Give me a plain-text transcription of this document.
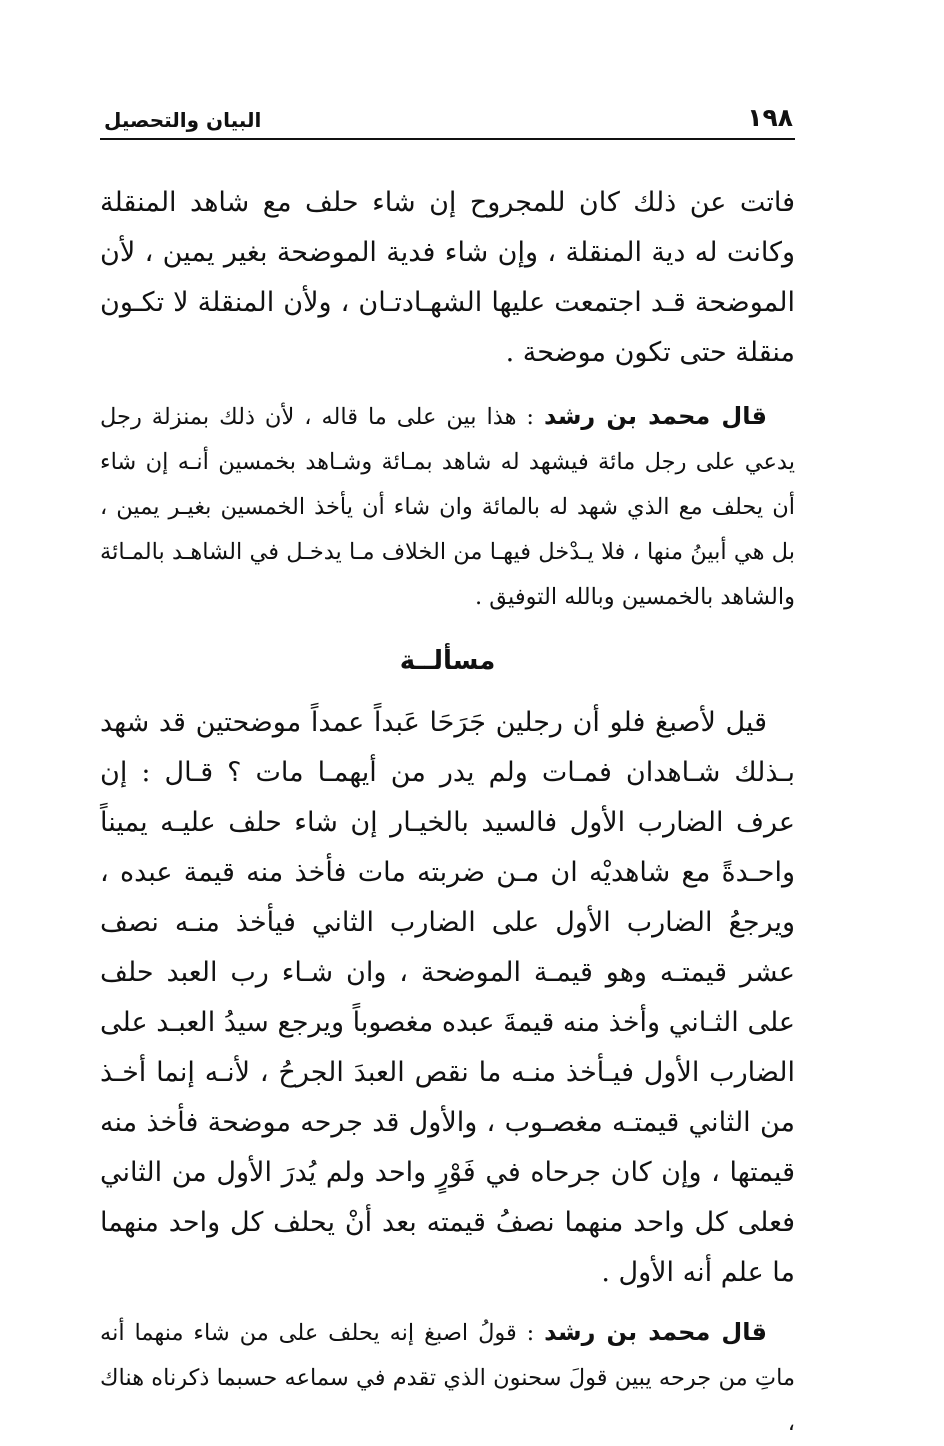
١٩٨
البيان والتحصيل

فاتت عن ذلك كان للمجروح إن شاء حلف مع شاهد المنقلة وكانت له دية المنقلة ، وإن شاء فدية الموضحة بغير يمين ، لأن الموضحة قـد اجتمعت عليها الشهـادتـان ، ولأن المنقلة لا تكـون منقلة حتى تكون موضحة .

قال محمد بن رشد : هذا بين على ما قاله ، لأن ذلك بمنزلة رجل يدعي على رجل مائة فيشهد له شاهد بمـائة وشـاهد بخمسين أنـه إن شاء أن يحلف مع الذي شهد له بالمائة وان شاء أن يأخذ الخمسين بغيـر يمين ، بل هي أبينُ منها ، فلا يـدْخل فيهـا من الخلاف مـا يدخـل في الشاهـد بالمـائة والشاهد بالخمسين وبالله التوفيق .

مسألــة

قيل لأصبغ فلو أن رجلين جَرَحَا عَبداً عمداً موضحتين قد شهد بـذلك شـاهدان فمـات ولم يدر من أيهمـا مات ؟ قـال : إن عرف الضارب الأول فالسيد بالخيـار إن شاء حلف عليـه يميناً واحـدةً مع شاهديْه ان مـن ضربته مات فأخذ منه قيمة عبده ، ويرجعُ الضارب الأول على الضارب الثاني فيأخذ منـه نصف عشر قيمتـه وهو قيمـة الموضحة ، وان شـاء رب العبد حلف على الثـاني وأخذ منه قيمةَ عبده مغصوباً ويرجع سيدُ العبـد على الضارب الأول فيـأخذ منـه ما نقص العبدَ الجرحُ ، لأنـه إنما أخـذ من الثاني قيمتـه مغصـوب ، والأول قد جرحه موضحة فأخذ منه قيمتها ، وإن كان جرحاه في فَوْرٍ واحد ولم يُدرَ الأول من الثاني فعلى كل واحد منهما نصفُ قيمته بعد أنْ يحلف كل واحد منهما ما علم أنه الأول .

قال محمد بن رشد : قولُ اصبغ إنه يحلف على من شاء منهما أنه ماتِ من جرحه يبين قولَ سحنون الذي تقدم في سماعه حسبما ذكرناه هناك ،
